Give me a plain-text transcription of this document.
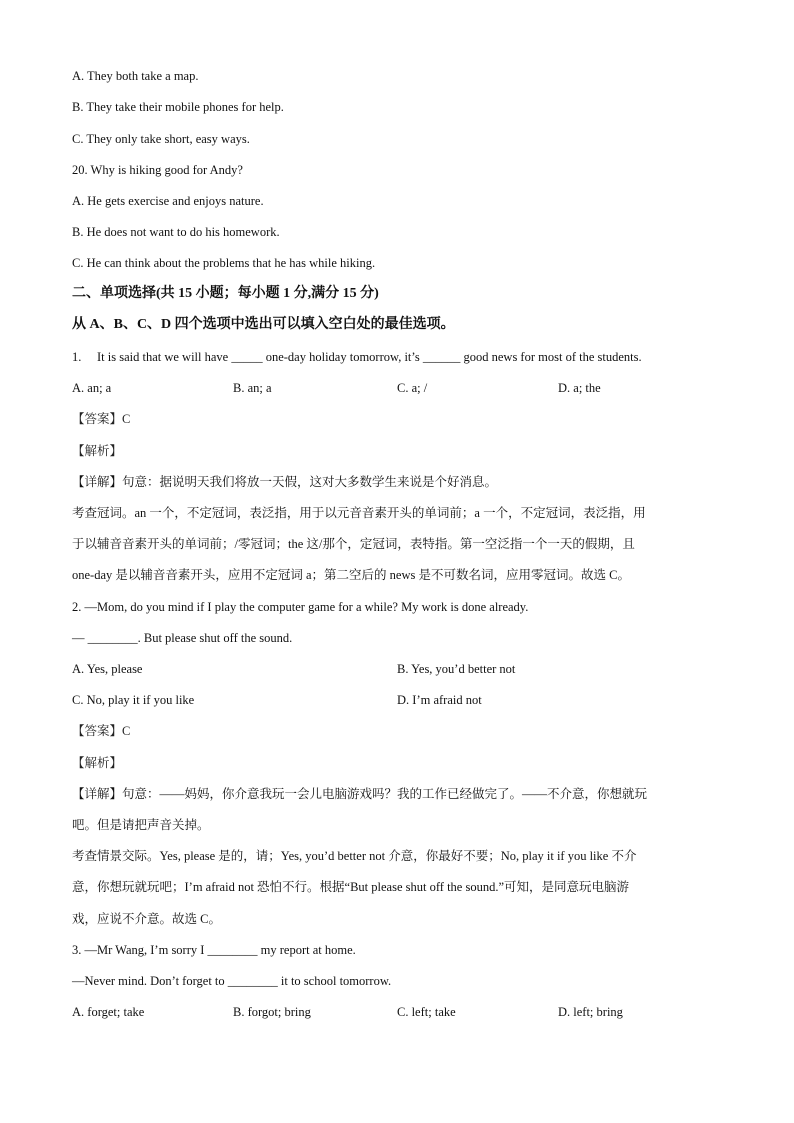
A. They both take a map.
B. They take their mobile phones for help.
C. They only take short, easy ways.
20. Why is hiking good for Andy?
A. He gets exercise and enjoys nature.
B. He does not want to do his homework.
C. He can think about the problems that he has while hiking.
二、单项选择(共 15 小题；每小题 1 分,满分 15 分)
从 A、B、C、D 四个选项中选出可以填入空白处的最佳选项。
1. It is said that we will have _____ one-day holiday tomorrow, it’s ______ good news for most of the students.
A. an; a	B. an; a	C. a; /	D. a; the
【答案】C
【解析】
【详解】句意：据说明天我们将放一天假，这对大多数学生来说是个好消息。
考查冠词。an 一个，不定冠词，表泛指，用于以元音音素开头的单词前；a 一个，不定冠词，表泛指，用
于以辅音音素开头的单词前；/零冠词；the 这/那个，定冠词，表特指。第一空泛指一个一天的假期，且
one-day 是以辅音音素开头，应用不定冠词 a；第二空后的 news 是不可数名词，应用零冠词。故选 C。
2. —Mom, do you mind if I play the computer game for a while? My work is done already.
— ________. But please shut off the sound.
A. Yes, please	B. Yes, you’d better not
C. No, play it if you like	D. I’m afraid not
【答案】C
【解析】
【详解】句意：——妈妈，你介意我玩一会儿电脑游戏吗？我的工作已经做完了。——不介意，你想就玩
吧。但是请把声音关掉。
考查情景交际。Yes, please 是的，请；Yes, you’d better not 介意，你最好不要；No, play it if you like 不介
意，你想玩就玩吧；I’m afraid not 恐怕不行。根据“But please shut off the sound.”可知，是同意玩电脑游
戏，应说不介意。故选 C。
3. —Mr Wang, I’m sorry I ________ my report at home.
—Never mind. Don’t forget to ________ it to school tomorrow.
A. forget; take	B. forgot; bring	C. left; take	D. left; bring
